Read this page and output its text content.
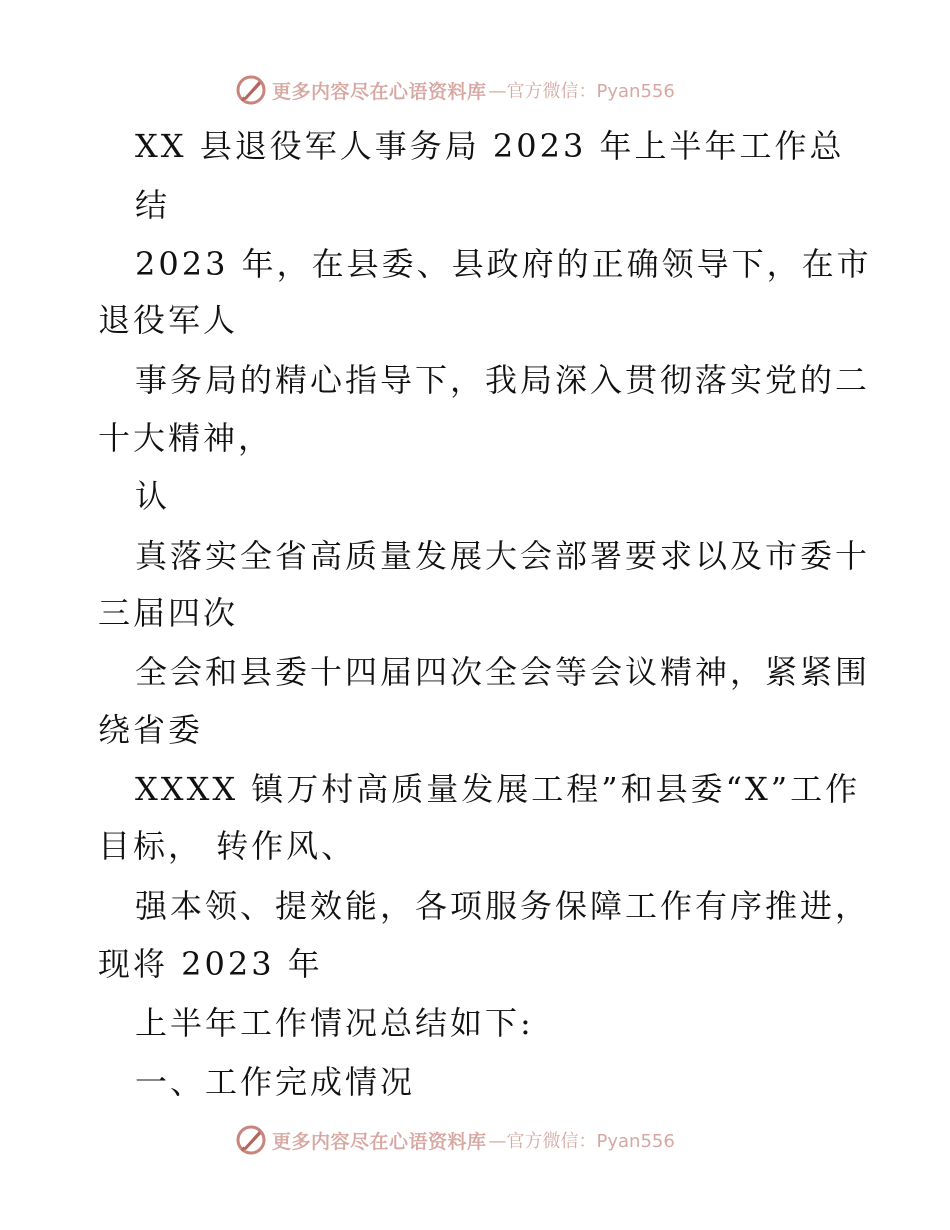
更多内容尽在心语资料库 —官方微信：Pyan556
XX 县退役军人事务局 2023 年上半年工作总
结
2023 年，在县委、县政府的正确领导下，在市
退役军人
事务局的精心指导下，我局深入贯彻落实党的二
十大精神，
认
真落实全省高质量发展大会部署要求以及市委十
三届四次
全会和县委十四届四次全会等会议精神，紧紧围
绕省委
XXXX 镇万村高质量发展工程”和县委“X”工作
目标， 转作风、
强本领、提效能，各项服务保障工作有序推进，
现将 2023 年
上半年工作情况总结如下:
一、工作完成情况
更多内容尽在心语资料库 —官方微信：Pyan556
